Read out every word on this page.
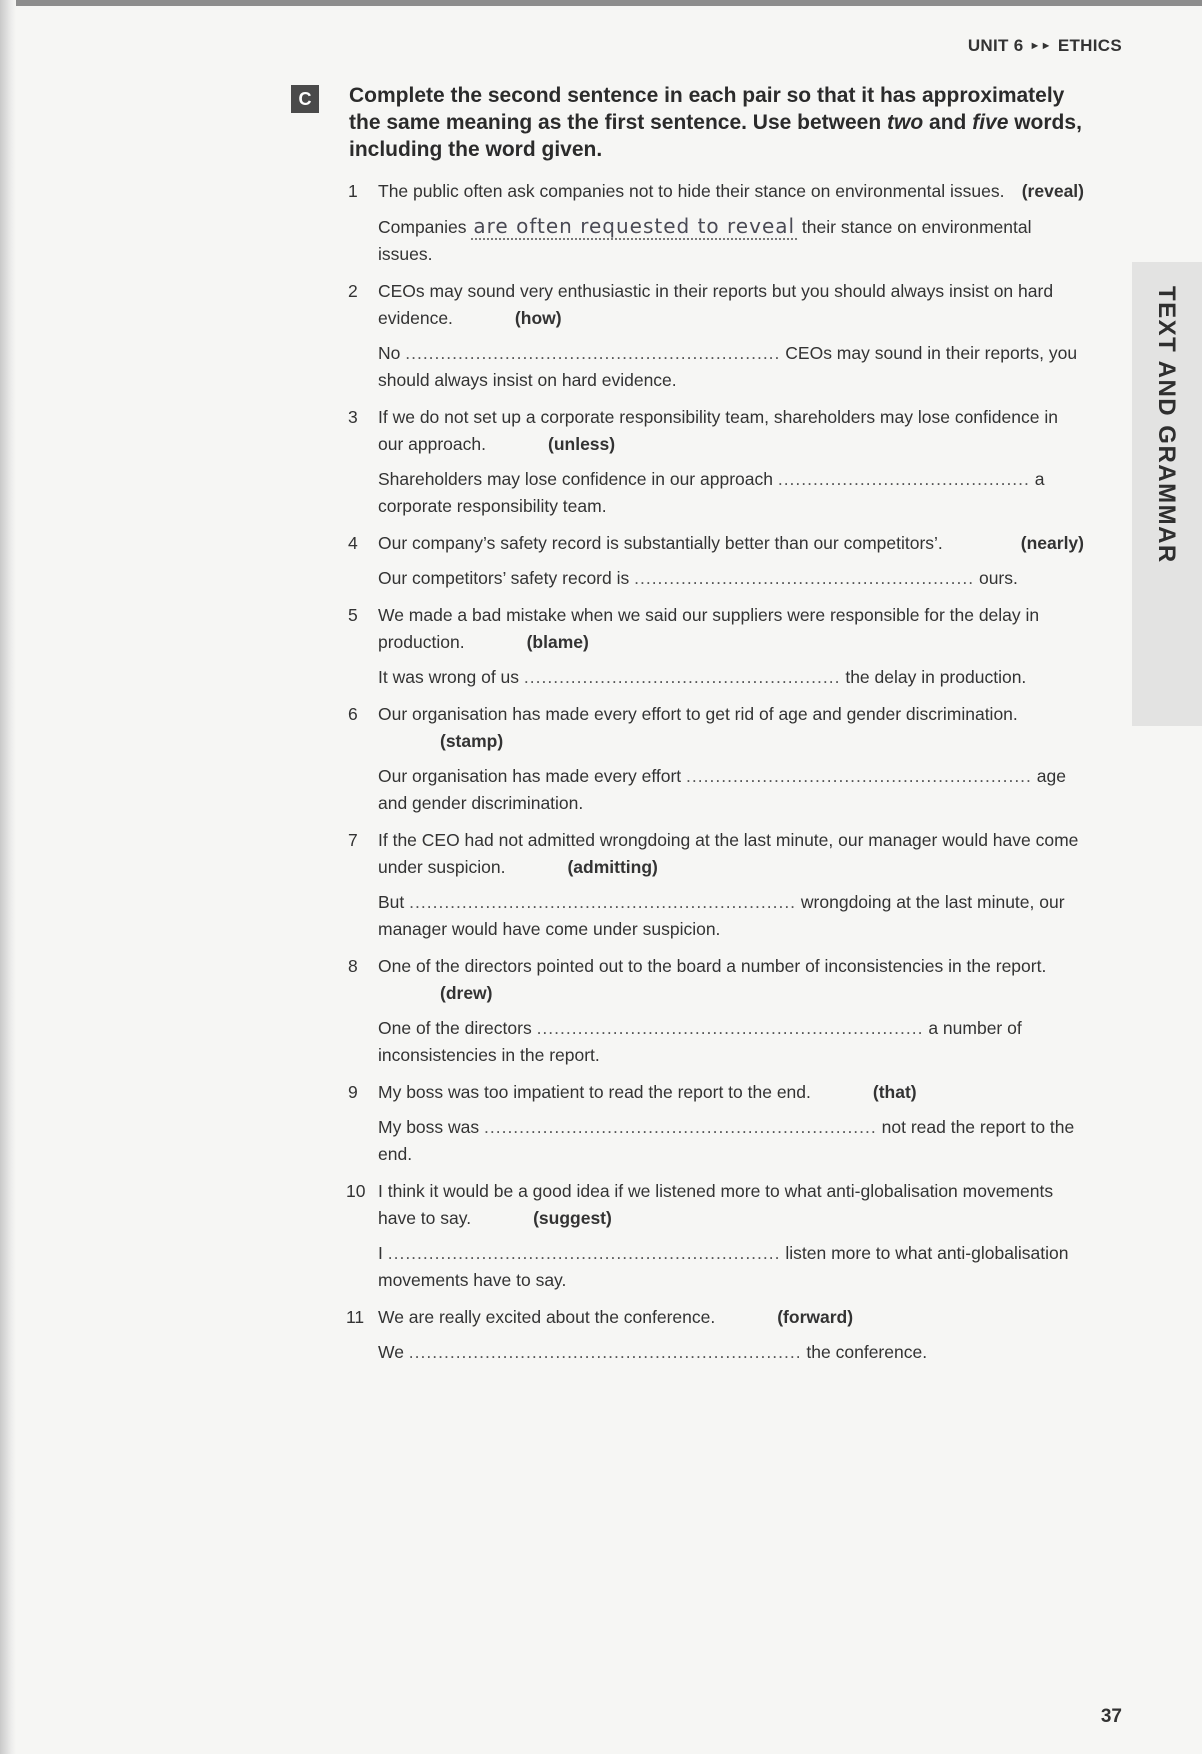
UNIT 6 ►► ETHICS
TEXT AND GRAMMAR
C	Complete the second sentence in each pair so that it has approximately the same meaning as the first sentence. Use between two and five words, including the word given.

1 The public often ask companies not to hide their stance on environmental issues. (reveal)

Companies are often requested to reveal their stance on environmental issues.

2 CEOs may sound very enthusiastic in their reports but you should always insist on hard evidence.	(how)

No ................................................................ CEOs may sound in their reports, you should always insist on hard evidence.

3 If we do not set up a corporate responsibility team, shareholders may lose confidence in our approach.	(unless)

Shareholders may lose confidence in our approach ........................................... a corporate responsibility team.

4 Our company’s safety record is substantially better than our competitors’.	(nearly)

Our competitors’ safety record is .......................................................... ours.

5 We made a bad mistake when we said our suppliers were responsible for the delay in production.	(blame)

It was wrong of us ...................................................... the delay in production.

6 Our organisation has made every effort to get rid of age and gender discrimination.(stamp)

Our organisation has made every effort ........................................................... age and gender discrimination.

7 If the CEO had not admitted wrongdoing at the last minute, our manager would have come under suspicion.	(admitting)

But .................................................................. wrongdoing at the last minute, our manager would have come under suspicion.

8 One of the directors pointed out to the board a number of inconsistencies in the report.(drew)

One of the directors .................................................................. a number of inconsistencies in the report.

9 My boss was too impatient to read the report to the end.	(that)

My boss was ................................................................... not read the report to the end.

10 I think it would be a good idea if we listened more to what anti-globalisation movements have to say.	(suggest)

I ................................................................... listen more to what anti-globalisation movements have to say.

11 We are really excited about the conference.	(forward)

We ................................................................... the conference.

37
